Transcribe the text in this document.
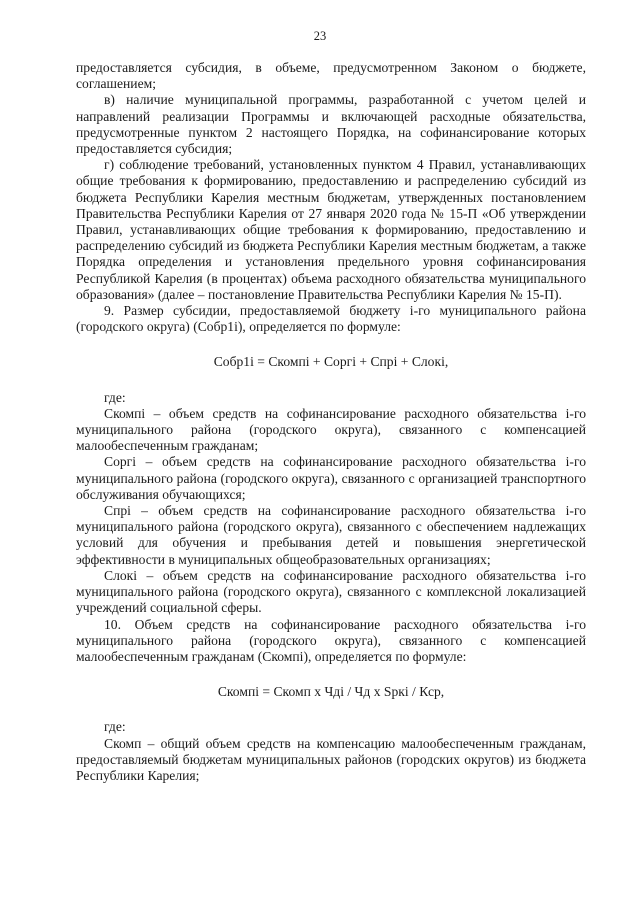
23

предоставляется субсидия, в объеме, предусмотренном Законом о бюджете, соглашением;

в) наличие муниципальной программы, разработанной с учетом целей и направлений реализации Программы и включающей расходные обязательства, предусмотренные пунктом 2 настоящего Порядка, на софинансирование которых предоставляется субсидия;

г) соблюдение требований, установленных пунктом 4 Правил, устанавливающих общие требования к формированию, предоставлению и распределению субсидий из бюджета Республики Карелия местным бюджетам, утвержденных постановлением Правительства Республики Карелия от 27 января 2020 года № 15-П «Об утверждении Правил, устанавливающих общие требования к формированию, предоставлению и распределению субсидий из бюджета Республики Карелия местным бюджетам, а также Порядка определения и установления предельного уровня софинансирования Республикой Карелия (в процентах) объема расходного обязательства муниципального образования» (далее – постановление Правительства Республики Карелия № 15-П).

9. Размер субсидии, предоставляемой бюджету i-го муниципального района (городского округа) (Собр1i), определяется по формуле:

Собр1i = Скомпi + Соргi + Спрi + Слокi,

где:

Скомпi – объем средств на софинансирование расходного обязательства i-го муниципального района (городского округа), связанного с компенсацией малообеспеченным гражданам;

Соргi – объем средств на софинансирование расходного обязательства i-го муниципального района (городского округа), связанного с организацией транспортного обслуживания обучающихся;

Спрi – объем средств на софинансирование расходного обязательства i-го муниципального района (городского округа), связанного с обеспечением надлежащих условий для обучения и пребывания детей и повышения энергетической эффективности в муниципальных общеобразовательных организациях;

Слокi – объем средств на софинансирование расходного обязательства i-го муниципального района (городского округа), связанного с комплексной локализацией учреждений социальной сферы.

10. Объем средств на софинансирование расходного обязательства i-го муниципального района (городского округа), связанного с компенсацией малообеспеченным гражданам (Скомпi), определяется по формуле:

Скомпi = Скомп x Чдi / Чд x Sркi / Кср,

где:

Скомп – общий объем средств на компенсацию малообеспеченным гражданам, предоставляемый бюджетам муниципальных районов (городских округов) из бюджета Республики Карелия;
